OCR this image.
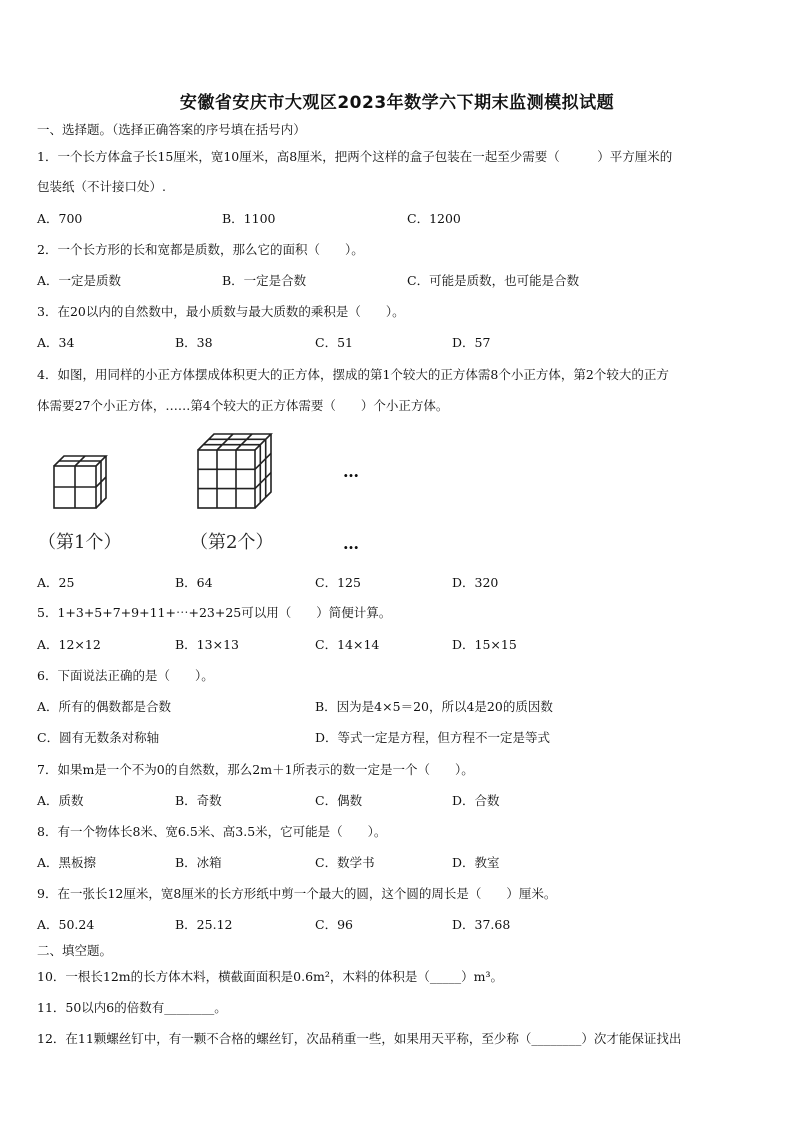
安徽省安庆市大观区2023年数学六下期末监测模拟试题
一、选择题。（选择正确答案的序号填在括号内）
1．一个长方体盒子长15厘米，宽10厘米，高8厘米，把两个这样的盒子包装在一起至少需要（　　　）平方厘米的
包装纸（不计接口处）.
A．700	B．1100	C．1200
2．一个长方形的长和宽都是质数，那么它的面积（　　）。
A．一定是质数	B．一定是合数	C．可能是质数，也可能是合数
3．在20以内的自然数中，最小质数与最大质数的乘积是（　　）。
A．34	B．38	C．51	D．57
4．如图，用同样的小正方体摆成体积更大的正方体，摆成的第1个较大的正方体需8个小正方体，第2个较大的正方
体需要27个小正方体，……第4个较大的正方体需要（　　）个小正方体。
…
（第1个）	（第2个）	…
A．25	B．64	C．125	D．320
5．1+3+5+7+9+11+⋯+23+25可以用（　　）简便计算。
A．12×12	B．13×13	C．14×14	D．15×15
6．下面说法正确的是（　　）。
A．所有的偶数都是合数	B．因为是4×5＝20，所以4是20的质因数
C．圆有无数条对称轴	D．等式一定是方程，但方程不一定是等式
7．如果m是一个不为0的自然数，那么2m＋1所表示的数一定是一个（　　）。
A．质数	B．奇数	C．偶数	D．合数
8．有一个物体长8米、宽6.5米、高3.5米，它可能是（　　）。
A．黑板擦	B．冰箱	C．数学书	D．教室
9．在一张长12厘米，宽8厘米的长方形纸中剪一个最大的圆，这个圆的周长是（　　）厘米。
A．50.24	B．25.12	C．96	D．37.68
二、填空题。
10．一根长12m的长方体木料，横截面面积是0.6m²，木料的体积是（_____）m³。
11．50以内6的倍数有________。
12．在11颗螺丝钉中，有一颗不合格的螺丝钉，次品稍重一些，如果用天平称，至少称（________）次才能保证找出
